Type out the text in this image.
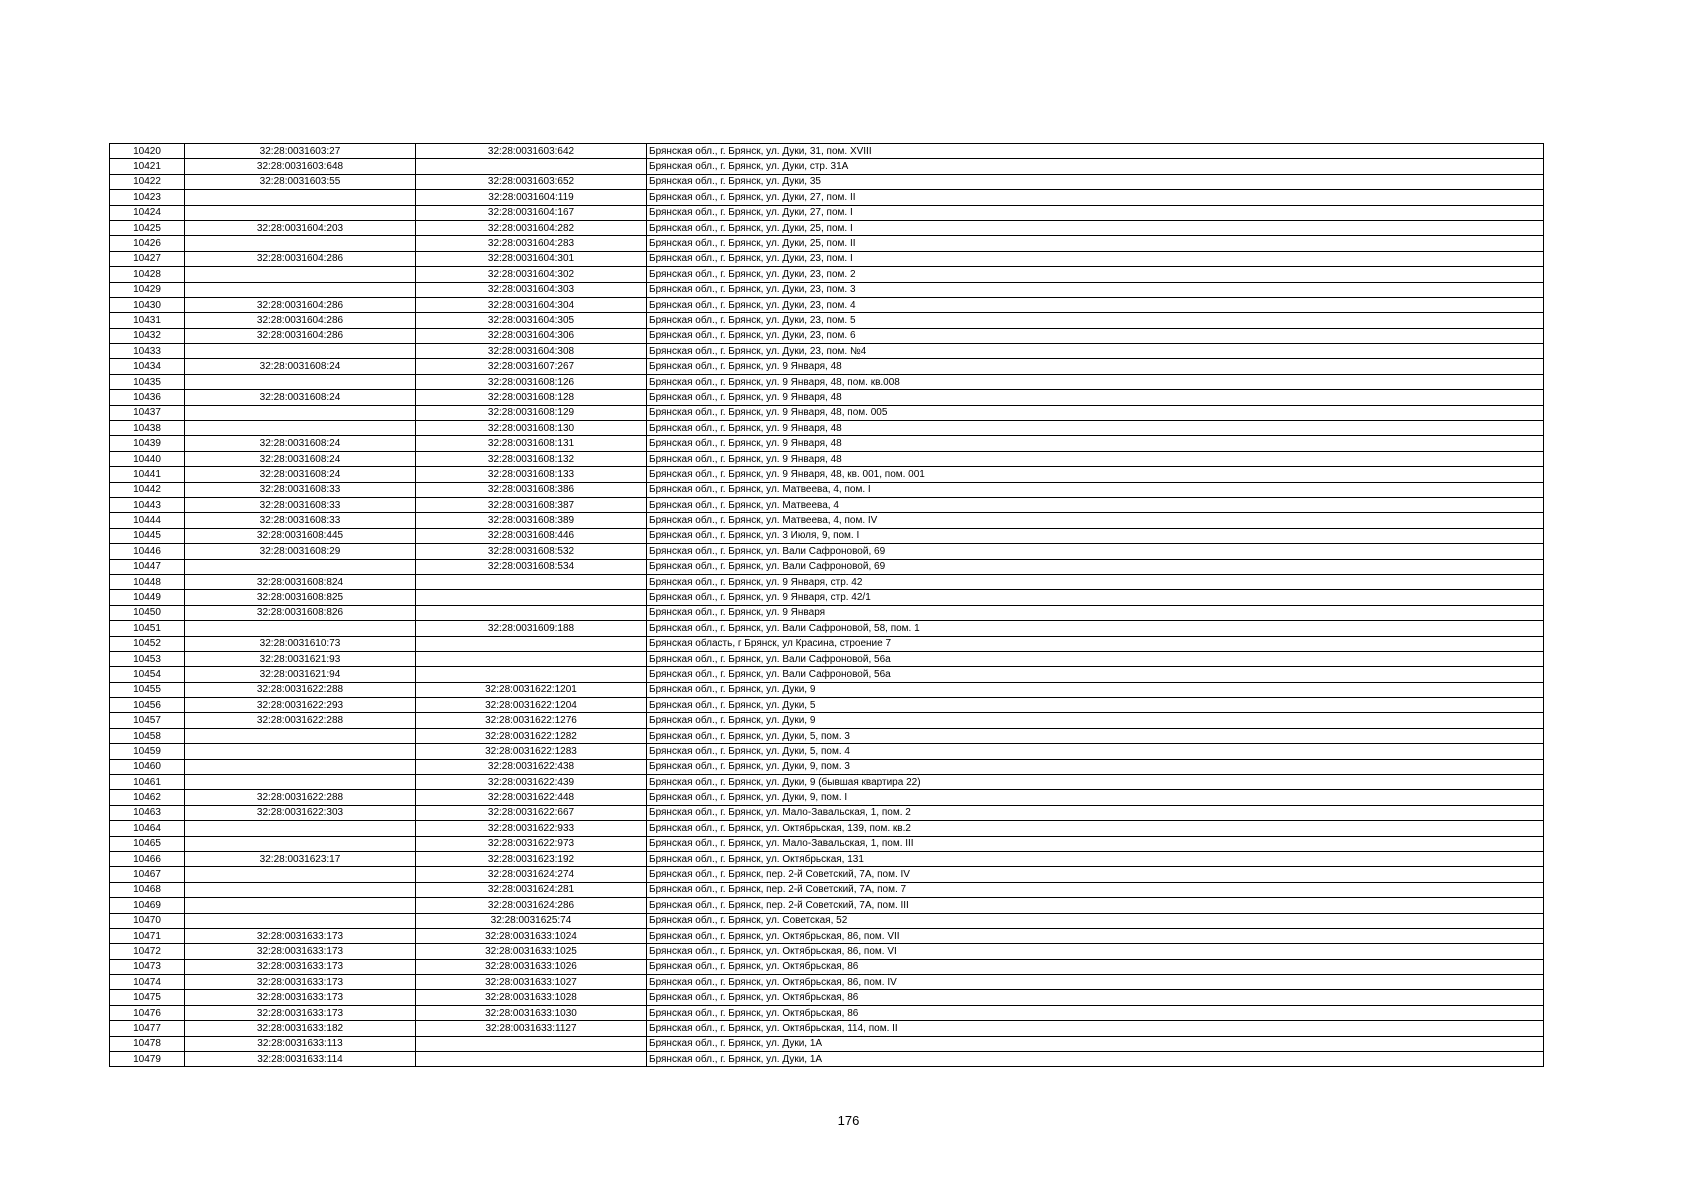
10420	32:28:0031603:27	32:28:0031603:642	Брянская обл., г. Брянск, ул. Дуки, 31, пом. XVIII
10421	32:28:0031603:648		Брянская обл., г. Брянск, ул. Дуки, стр. 31А
10422	32:28:0031603:55	32:28:0031603:652	Брянская обл., г. Брянск, ул. Дуки, 35
10423		32:28:0031604:119	Брянская обл., г. Брянск, ул. Дуки, 27, пом. II
10424		32:28:0031604:167	Брянская обл., г. Брянск, ул. Дуки, 27, пом. I
10425	32:28:0031604:203	32:28:0031604:282	Брянская обл., г. Брянск, ул. Дуки, 25, пом. I
10426		32:28:0031604:283	Брянская обл., г. Брянск, ул. Дуки, 25, пом. II
10427	32:28:0031604:286	32:28:0031604:301	Брянская обл., г. Брянск, ул. Дуки, 23, пом. I
10428		32:28:0031604:302	Брянская обл., г. Брянск, ул. Дуки, 23, пом. 2
10429		32:28:0031604:303	Брянская обл., г. Брянск, ул. Дуки, 23, пом. 3
10430	32:28:0031604:286	32:28:0031604:304	Брянская обл., г. Брянск, ул. Дуки, 23, пом. 4
10431	32:28:0031604:286	32:28:0031604:305	Брянская обл., г. Брянск, ул. Дуки, 23, пом. 5
10432	32:28:0031604:286	32:28:0031604:306	Брянская обл., г. Брянск, ул. Дуки, 23, пом. 6
10433		32:28:0031604:308	Брянская обл., г. Брянск, ул. Дуки, 23, пом. №4
10434	32:28:0031608:24	32:28:0031607:267	Брянская обл., г. Брянск, ул. 9 Января, 48
10435		32:28:0031608:126	Брянская обл., г. Брянск, ул. 9 Января, 48, пом. кв.008
10436	32:28:0031608:24	32:28:0031608:128	Брянская обл., г. Брянск, ул. 9 Января, 48
10437		32:28:0031608:129	Брянская обл., г. Брянск, ул. 9 Января, 48, пом. 005
10438		32:28:0031608:130	Брянская обл., г. Брянск, ул. 9 Января, 48
10439	32:28:0031608:24	32:28:0031608:131	Брянская обл., г. Брянск, ул. 9 Января, 48
10440	32:28:0031608:24	32:28:0031608:132	Брянская обл., г. Брянск, ул. 9 Января, 48
10441	32:28:0031608:24	32:28:0031608:133	Брянская обл., г. Брянск, ул. 9 Января, 48, кв. 001, пом. 001
10442	32:28:0031608:33	32:28:0031608:386	Брянская обл., г. Брянск, ул. Матвеева, 4, пом. I
10443	32:28:0031608:33	32:28:0031608:387	Брянская обл., г. Брянск, ул. Матвеева, 4
10444	32:28:0031608:33	32:28:0031608:389	Брянская обл., г. Брянск, ул. Матвеева, 4, пом. IV
10445	32:28:0031608:445	32:28:0031608:446	Брянская обл., г. Брянск, ул. 3 Июля, 9, пом. I
10446	32:28:0031608:29	32:28:0031608:532	Брянская обл., г. Брянск, ул. Вали Сафроновой, 69
10447		32:28:0031608:534	Брянская обл., г. Брянск, ул. Вали Сафроновой, 69
10448	32:28:0031608:824		Брянская обл., г. Брянск, ул. 9 Января, стр. 42
10449	32:28:0031608:825		Брянская обл., г. Брянск, ул. 9 Января, стр. 42/1
10450	32:28:0031608:826		Брянская обл., г. Брянск, ул. 9 Января
10451		32:28:0031609:188	Брянская обл., г. Брянск, ул. Вали Сафроновой, 58, пом. 1
10452	32:28:0031610:73		Брянская область, г Брянск, ул Красина, строение 7
10453	32:28:0031621:93		Брянская обл., г. Брянск, ул. Вали Сафроновой, 56а
10454	32:28:0031621:94		Брянская обл., г. Брянск, ул. Вали Сафроновой, 56а
10455	32:28:0031622:288	32:28:0031622:1201	Брянская обл., г. Брянск, ул. Дуки, 9
10456	32:28:0031622:293	32:28:0031622:1204	Брянская обл., г. Брянск, ул. Дуки, 5
10457	32:28:0031622:288	32:28:0031622:1276	Брянская обл., г. Брянск, ул. Дуки, 9
10458		32:28:0031622:1282	Брянская обл., г. Брянск, ул. Дуки, 5, пом. 3
10459		32:28:0031622:1283	Брянская обл., г. Брянск, ул. Дуки, 5, пом. 4
10460		32:28:0031622:438	Брянская обл., г. Брянск, ул. Дуки, 9, пом. 3
10461		32:28:0031622:439	Брянская обл., г. Брянск, ул. Дуки, 9 (бывшая квартира 22)
10462	32:28:0031622:288	32:28:0031622:448	Брянская обл., г. Брянск, ул. Дуки, 9, пом. I
10463	32:28:0031622:303	32:28:0031622:667	Брянская обл., г. Брянск, ул. Мало-Завальская, 1, пом. 2
10464		32:28:0031622:933	Брянская обл., г. Брянск, ул. Октябрьская, 139, пом. кв.2
10465		32:28:0031622:973	Брянская обл., г. Брянск, ул. Мало-Завальская, 1, пом. III
10466	32:28:0031623:17	32:28:0031623:192	Брянская обл., г. Брянск, ул. Октябрьская, 131
10467		32:28:0031624:274	Брянская обл., г. Брянск, пер. 2-й Советский, 7А, пом. IV
10468		32:28:0031624:281	Брянская обл., г. Брянск, пер. 2-й Советский, 7А, пом. 7
10469		32:28:0031624:286	Брянская обл., г. Брянск, пер. 2-й Советский, 7А, пом. III
10470		32:28:0031625:74	Брянская обл., г. Брянск, ул. Советская, 52
10471	32:28:0031633:173	32:28:0031633:1024	Брянская обл., г. Брянск, ул. Октябрьская, 86, пом. VII
10472	32:28:0031633:173	32:28:0031633:1025	Брянская обл., г. Брянск, ул. Октябрьская, 86, пом. VI
10473	32:28:0031633:173	32:28:0031633:1026	Брянская обл., г. Брянск, ул. Октябрьская, 86
10474	32:28:0031633:173	32:28:0031633:1027	Брянская обл., г. Брянск, ул. Октябрьская, 86, пом. IV
10475	32:28:0031633:173	32:28:0031633:1028	Брянская обл., г. Брянск, ул. Октябрьская, 86
10476	32:28:0031633:173	32:28:0031633:1030	Брянская обл., г. Брянск, ул. Октябрьская, 86
10477	32:28:0031633:182	32:28:0031633:1127	Брянская обл., г. Брянск, ул. Октябрьская, 114, пом. II
10478	32:28:0031633:113		Брянская обл., г. Брянск, ул. Дуки, 1А
10479	32:28:0031633:114		Брянская обл., г. Брянск, ул. Дуки, 1А
176
